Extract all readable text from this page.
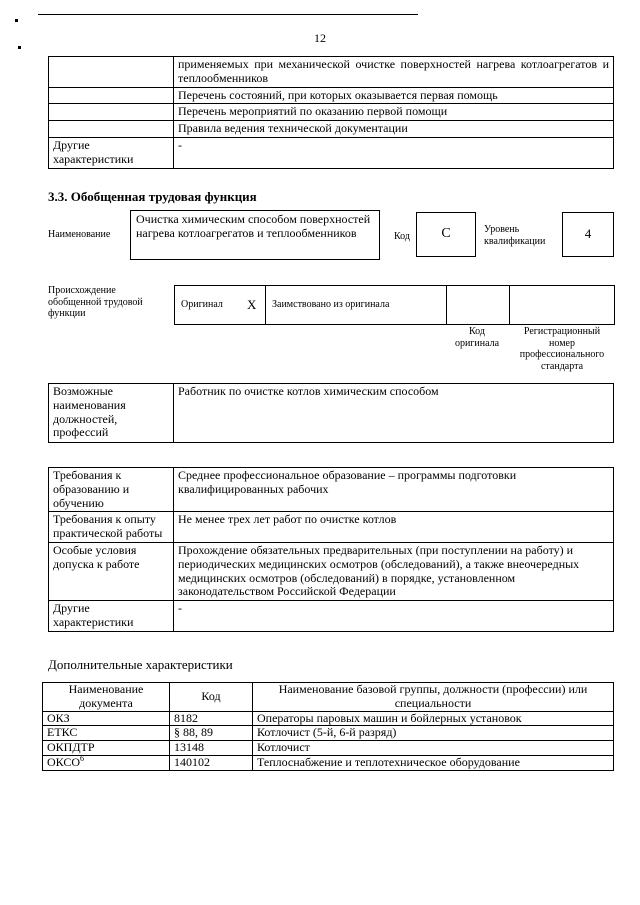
12
	применяемых при механической очистке поверхностей нагрева котлоагрегатов и теплообменников
	Перечень состояний, при которых оказывается первая помощь
	Перечень мероприятий по оказанию первой помощи
	Правила ведения технической документации
Другие характеристики	-
3.3. Обобщенная трудовая функция
Наименование
Очистка химическим способом поверхностей нагрева котлоагрегатов и теплообменников	Код С	Уровень квалификации	4
Происхождение обобщенной трудовой функции
Оригинал	X	Заимствовано из оригинала		
Код оригинала
Регистрационный номер профессионального стандарта
Возможные наименования должностей, профессий	Работник по очистке котлов химическим способом
Требования к образованию и обучению	Среднее профессиональное образование – программы подготовки квалифицированных рабочих
Требования к опыту практической работы	Не менее трех лет работ по очистке котлов
Особые условия допуска к работе	Прохождение обязательных предварительных (при поступлении на работу) и периодических медицинских осмотров (обследований), а также внеочередных медицинских осмотров (обследований) в порядке, установленном законодательством Российской Федерации
Другие характеристики	-
Дополнительные характеристики
Наименование документа	Код	Наименование базовой группы, должности (профессии) или специальности
ОКЗ	8182	Операторы паровых машин и бойлерных установок
ЕТКС	§ 88, 89	Котлочист (5-й, 6-й разряд)
ОКПДТР	13148	Котлочист
ОКСО$^6$	140102	Теплоснабжение и теплотехническое оборудование
